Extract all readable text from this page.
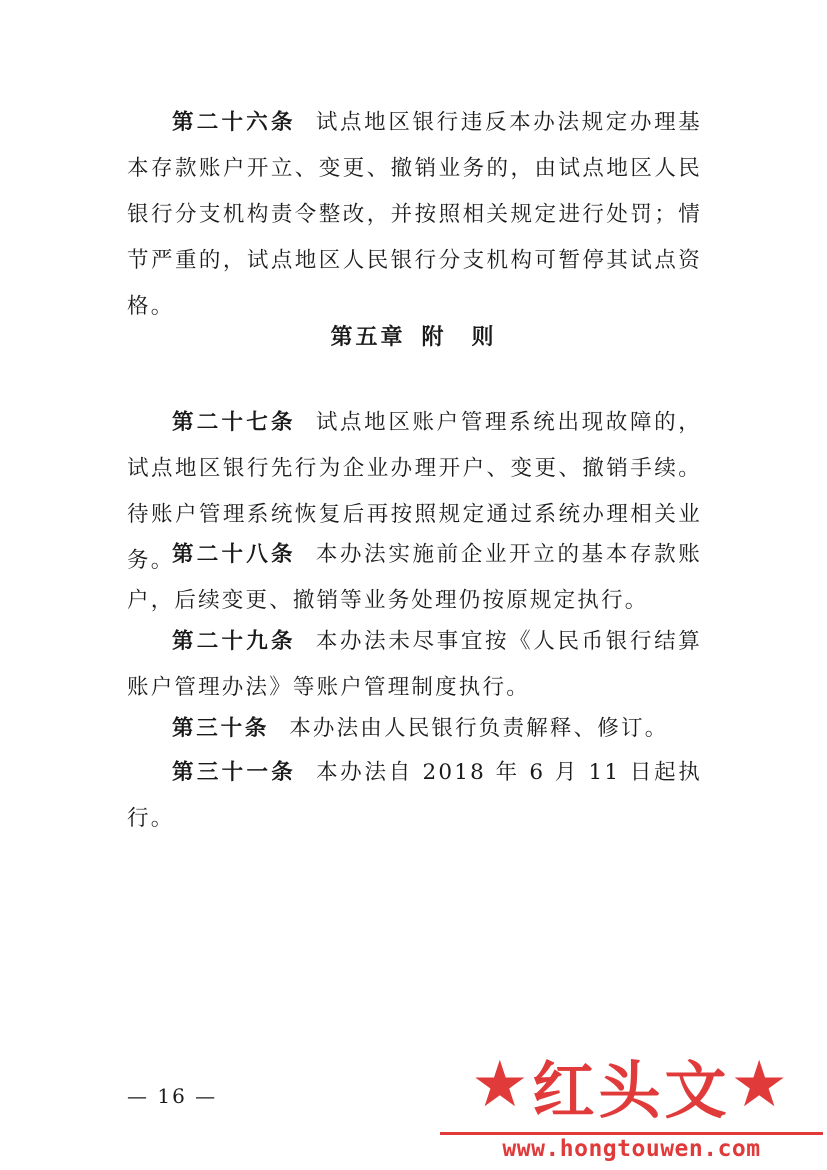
第二十六条 试点地区银行违反本办法规定办理基本存款账户开立、变更、撤销业务的，由试点地区人民银行分支机构责令整改，并按照相关规定进行处罚；情节严重的，试点地区人民银行分支机构可暂停其试点资格。

第五章 附　则

第二十七条 试点地区账户管理系统出现故障的，试点地区银行先行为企业办理开户、变更、撤销手续。待账户管理系统恢复后再按照规定通过系统办理相关业务。

第二十八条 本办法实施前企业开立的基本存款账户，后续变更、撤销等业务处理仍按原规定执行。

第二十九条 本办法未尽事宜按《人民币银行结算账户管理办法》等账户管理制度执行。

第三十条 本办法由人民银行负责解释、修订。

第三十一条 本办法自 2018 年 6 月 11 日起执行。

— 16 —	★ 红头文 ★
www.hongtouwen.com
